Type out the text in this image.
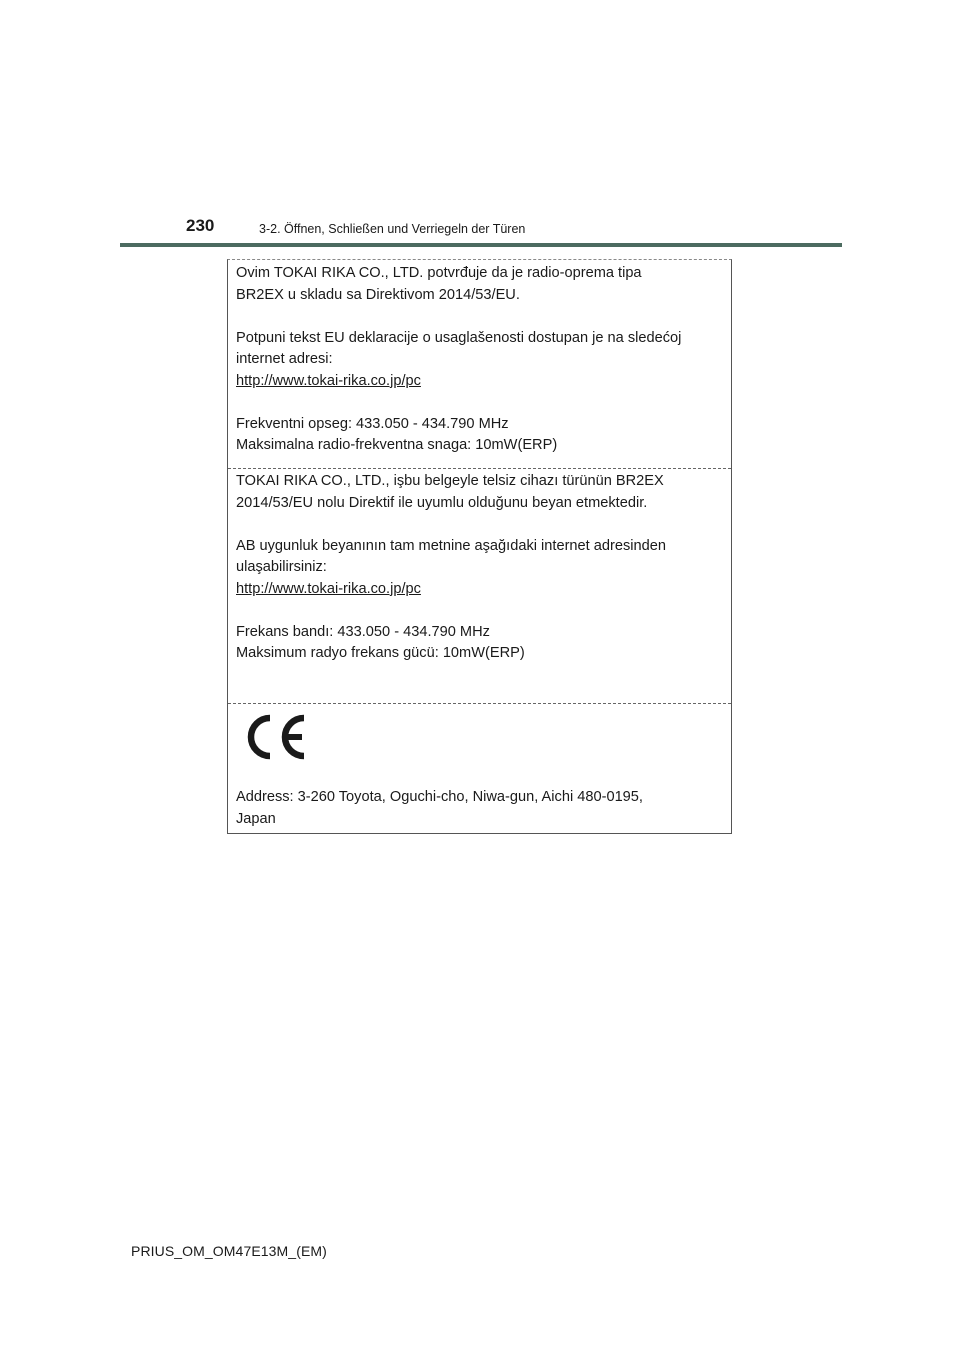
230	3-2. Öffnen, Schließen und Verriegeln der Türen

Ovim TOKAI RIKA CO., LTD. potvrđuje da je radio-oprema tipa
BR2EX u skladu sa Direktivom 2014/53/EU.

Potpuni tekst EU deklaracije o usaglašenosti dostupan je na sledećoj
internet adresi:
http://www.tokai-rika.co.jp/pc

Frekventni opseg: 433.050 - 434.790 MHz
Maksimalna radio-frekventna snaga: 10mW(ERP)

TOKAI RIKA CO., LTD., işbu belgeyle telsiz cihazı türünün BR2EX
2014/53/EU nolu Direktif ile uyumlu olduğunu beyan etmektedir.

AB uygunluk beyanının tam metnine aşağıdaki internet adresinden
ulaşabilirsiniz:
http://www.tokai-rika.co.jp/pc

Frekans bandı: 433.050 - 434.790 MHz
Maksimum radyo frekans gücü: 10mW(ERP)

Address: 3-260 Toyota, Oguchi-cho, Niwa-gun, Aichi 480-0195,
Japan

PRIUS_OM_OM47E13M_(EM)
